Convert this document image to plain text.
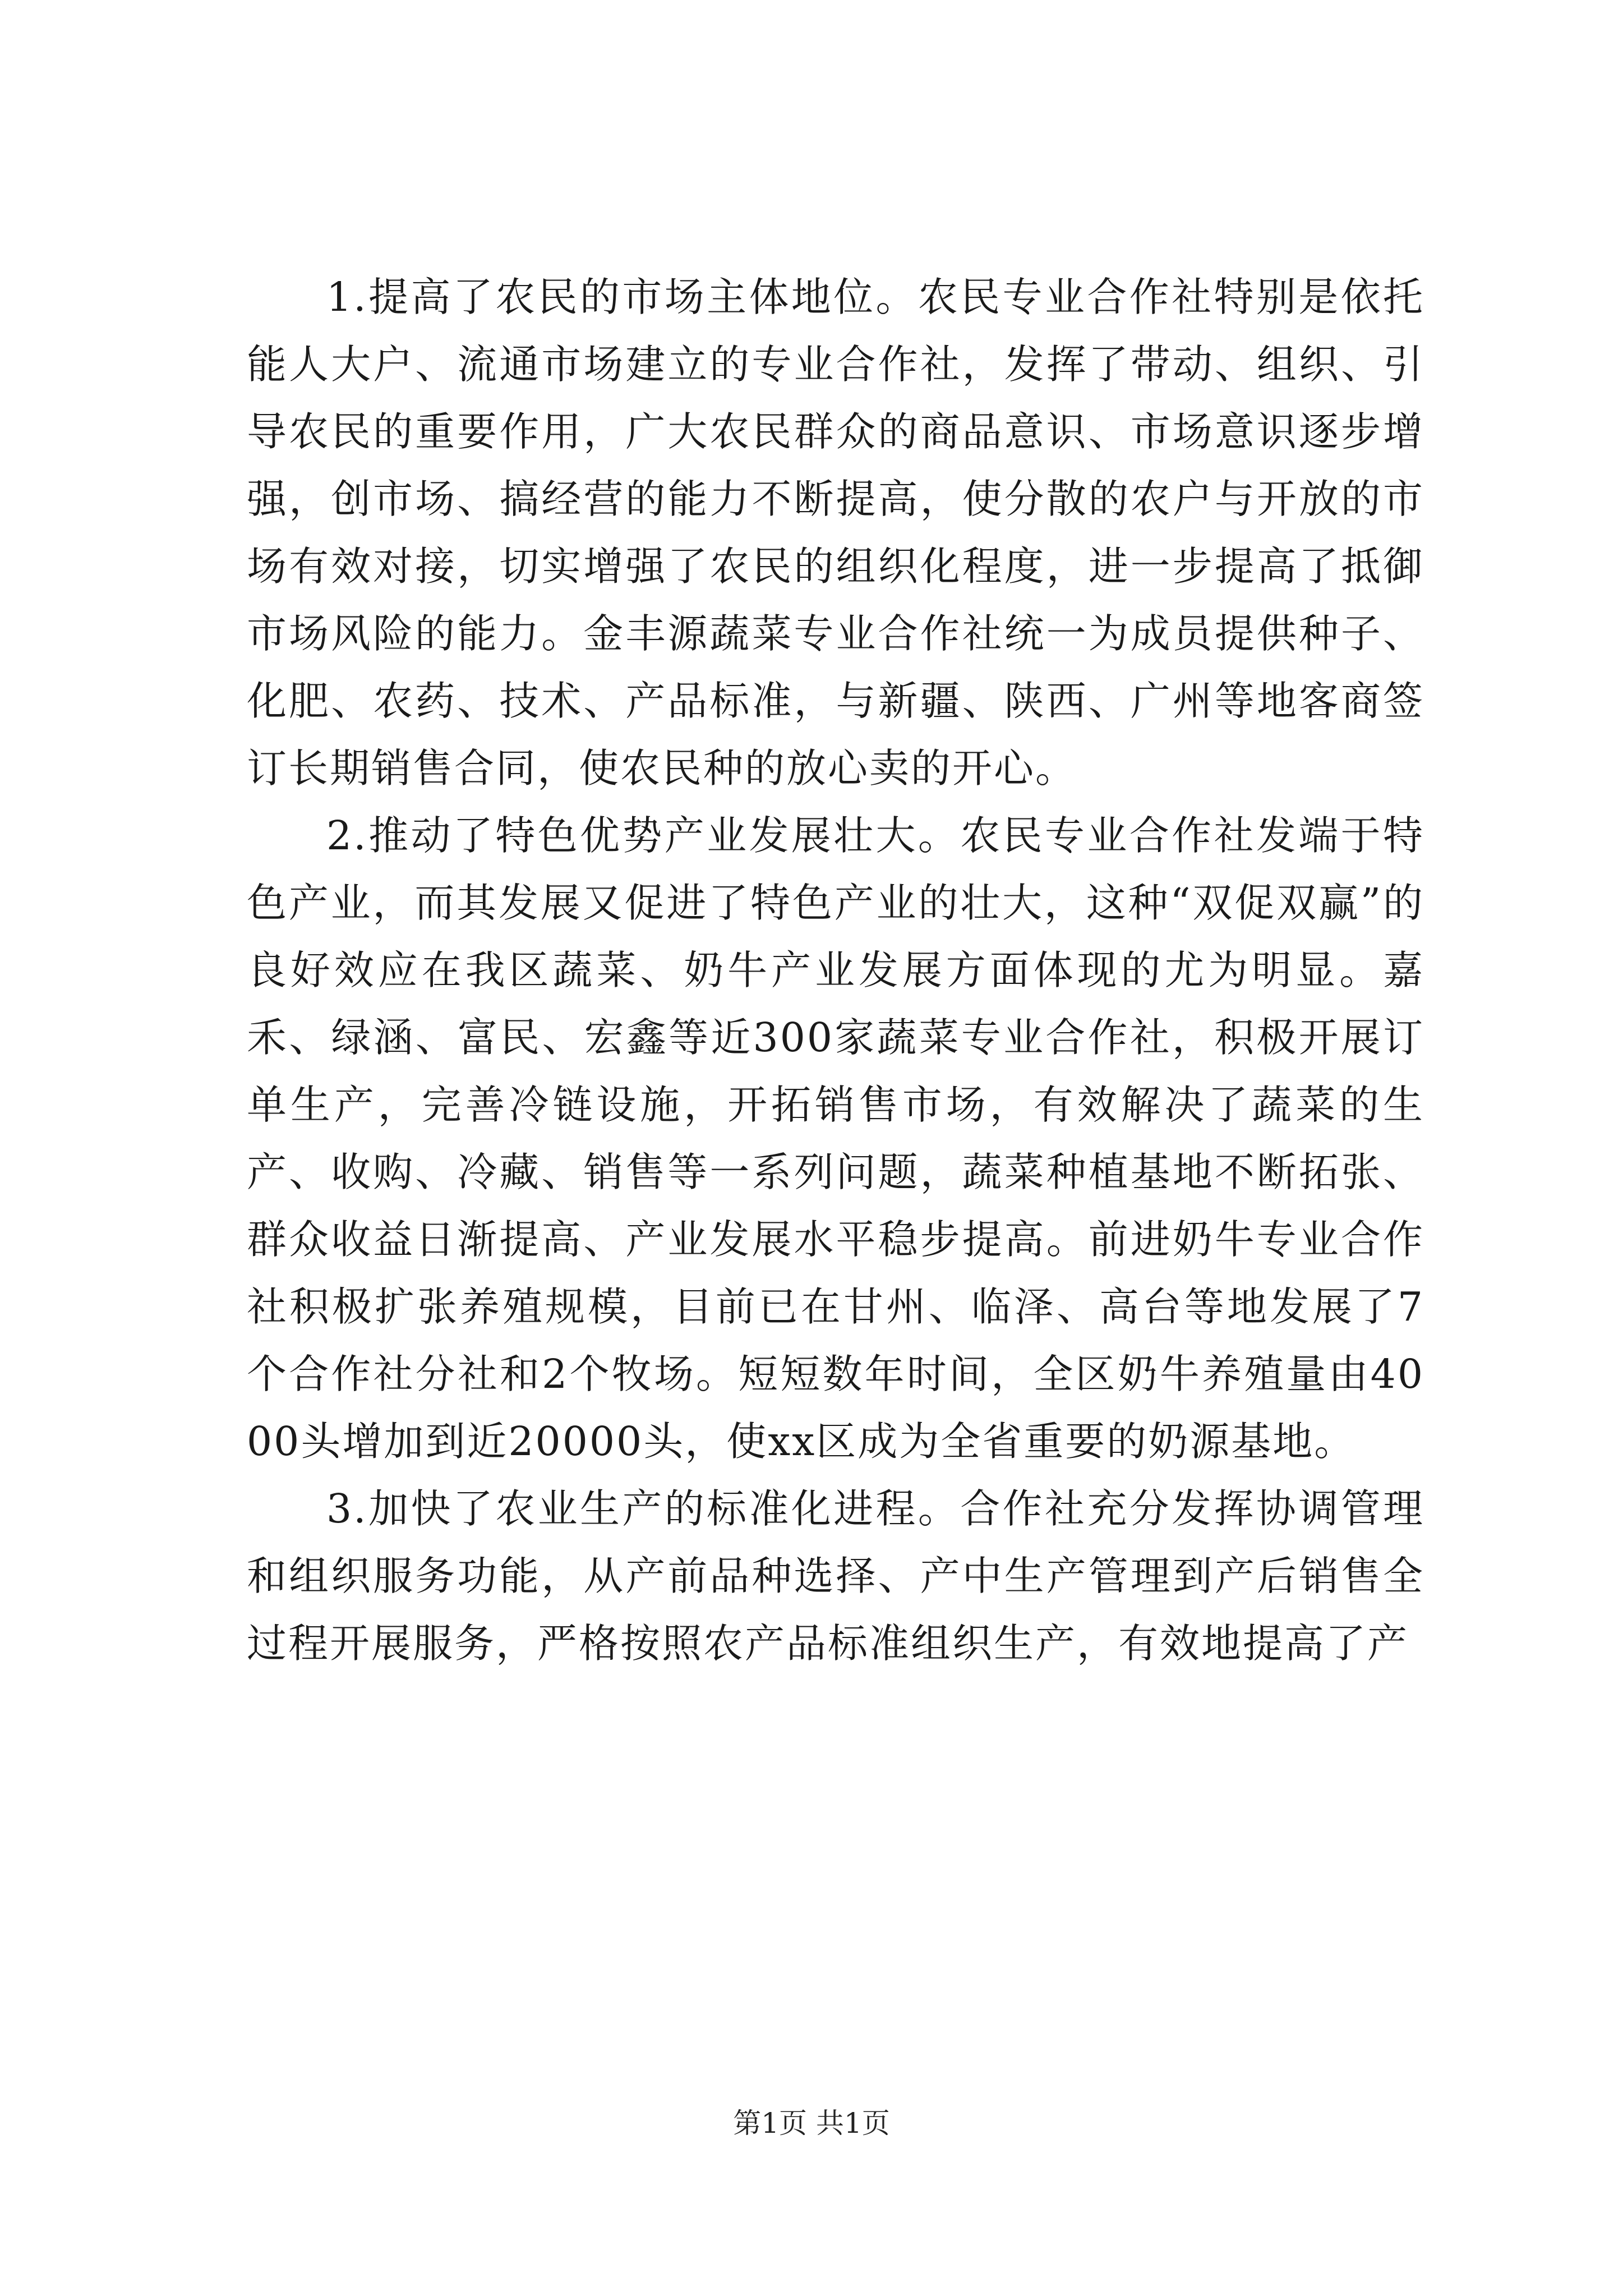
1.提高了农民的市场主体地位。农民专业合作社特别是依托能人大户、流通市场建立的专业合作社，发挥了带动、组织、引导农民的重要作用，广大农民群众的商品意识、市场意识逐步增强，创市场、搞经营的能力不断提高，使分散的农户与开放的市场有效对接，切实增强了农民的组织化程度，进一步提高了抵御市场风险的能力。金丰源蔬菜专业合作社统一为成员提供种子、化肥、农药、技术、产品标准，与新疆、陕西、广州等地客商签订长期销售合同，使农民种的放心卖的开心。

2.推动了特色优势产业发展壮大。农民专业合作社发端于特色产业，而其发展又促进了特色产业的壮大，这种“双促双赢”的良好效应在我区蔬菜、奶牛产业发展方面体现的尤为明显。嘉禾、绿涵、富民、宏鑫等近300家蔬菜专业合作社，积极开展订单生产，完善冷链设施，开拓销售市场，有效解决了蔬菜的生产、收购、冷藏、销售等一系列问题，蔬菜种植基地不断拓张、群众收益日渐提高、产业发展水平稳步提高。前进奶牛专业合作社积极扩张养殖规模，目前已在甘州、临泽、高台等地发展了7个合作社分社和2个牧场。短短数年时间，全区奶牛养殖量由4000头增加到近20000头，使xx区成为全省重要的奶源基地。

3.加快了农业生产的标准化进程。合作社充分发挥协调管理和组织服务功能，从产前品种选择、产中生产管理到产后销售全过程开展服务，严格按照农产品标准组织生产，有效地提高了产

第1页 共1页
